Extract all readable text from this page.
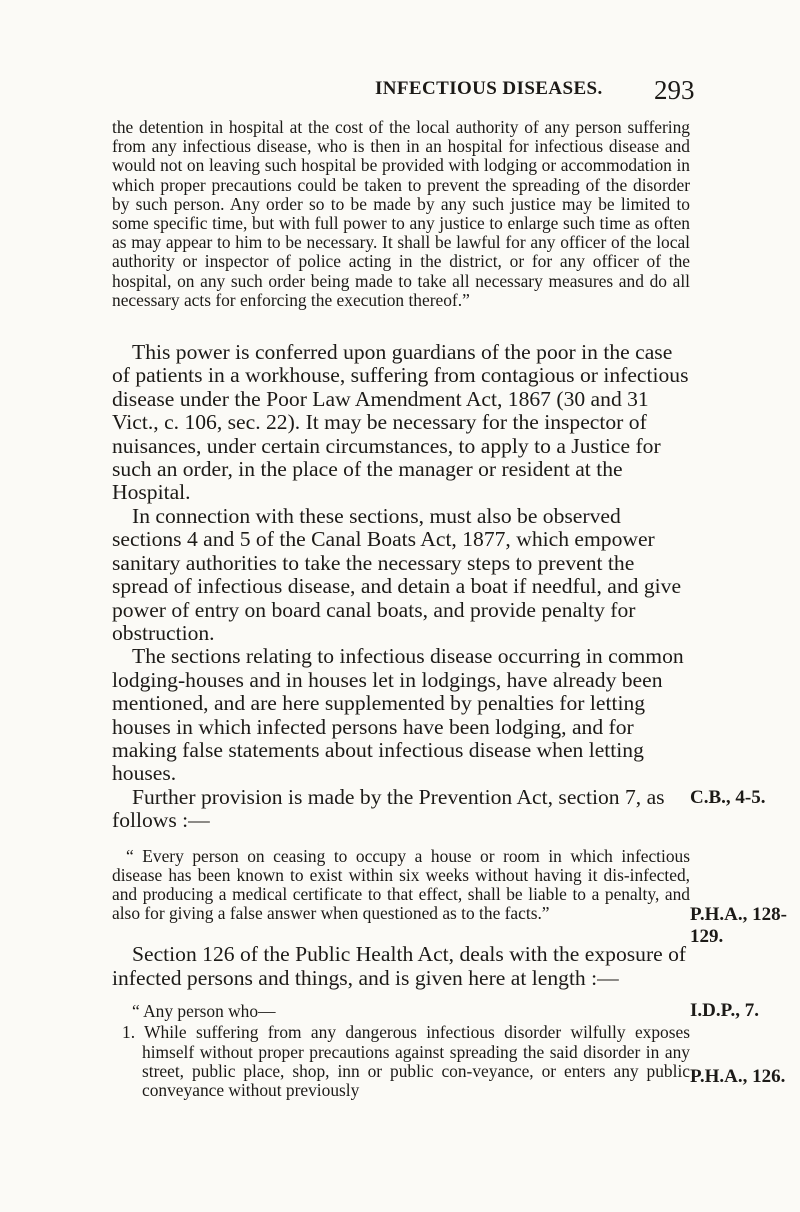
INFECTIOUS DISEASES. 293

the detention in hospital at the cost of the local authority of any person suffering from any infectious disease, who is then in an hospital for infectious disease and would not on leaving such hospital be provided with lodging or accommodation in which proper precautions could be taken to prevent the spreading of the disorder by such person. Any order so to be made by any such justice may be limited to some specific time, but with full power to any justice to enlarge such time as often as may appear to him to be necessary. It shall be lawful for any officer of the local authority or inspector of police acting in the district, or for any officer of the hospital, on any such order being made to take all necessary measures and do all necessary acts for enforcing the execution thereof.”

This power is conferred upon guardians of the poor in the case of patients in a workhouse, suffering from contagious or infectious disease under the Poor Law Amendment Act, 1867 (30 and 31 Vict., c. 106, sec. 22). It may be necessary for the inspector of nuisances, under certain circumstances, to apply to a Justice for such an order, in the place of the manager or resident at the Hospital.

In connection with these sections, must also be observed sections 4 and 5 of the Canal Boats Act, 1877, which empower sanitary authorities to take the necessary steps to prevent the spread of infectious disease, and detain a boat if needful, and give power of entry on board canal boats, and provide penalty for obstruction.

The sections relating to infectious disease occurring in common lodging-houses and in houses let in lodgings, have already been mentioned, and are here supplemented by penalties for letting houses in which infected persons have been lodging, and for making false statements about infectious disease when letting houses.

Further provision is made by the Prevention Act, section 7, as follows :—

“ Every person on ceasing to occupy a house or room in which infectious disease has been known to exist within six weeks without having it dis-infected, and producing a medical certificate to that effect, shall be liable to a penalty, and also for giving a false answer when questioned as to the facts.”

Section 126 of the Public Health Act, deals with the exposure of infected persons and things, and is given here at length :—

“ Any person who—

1. While suffering from any dangerous infectious disorder wilfully exposes himself without proper precautions against spreading the said disorder in any street, public place, shop, inn or public con-veyance, or enters any public conveyance without previously

C.B., 4-5.
P.H.A., 128-129.
I.D.P., 7.
P.H.A., 126.
